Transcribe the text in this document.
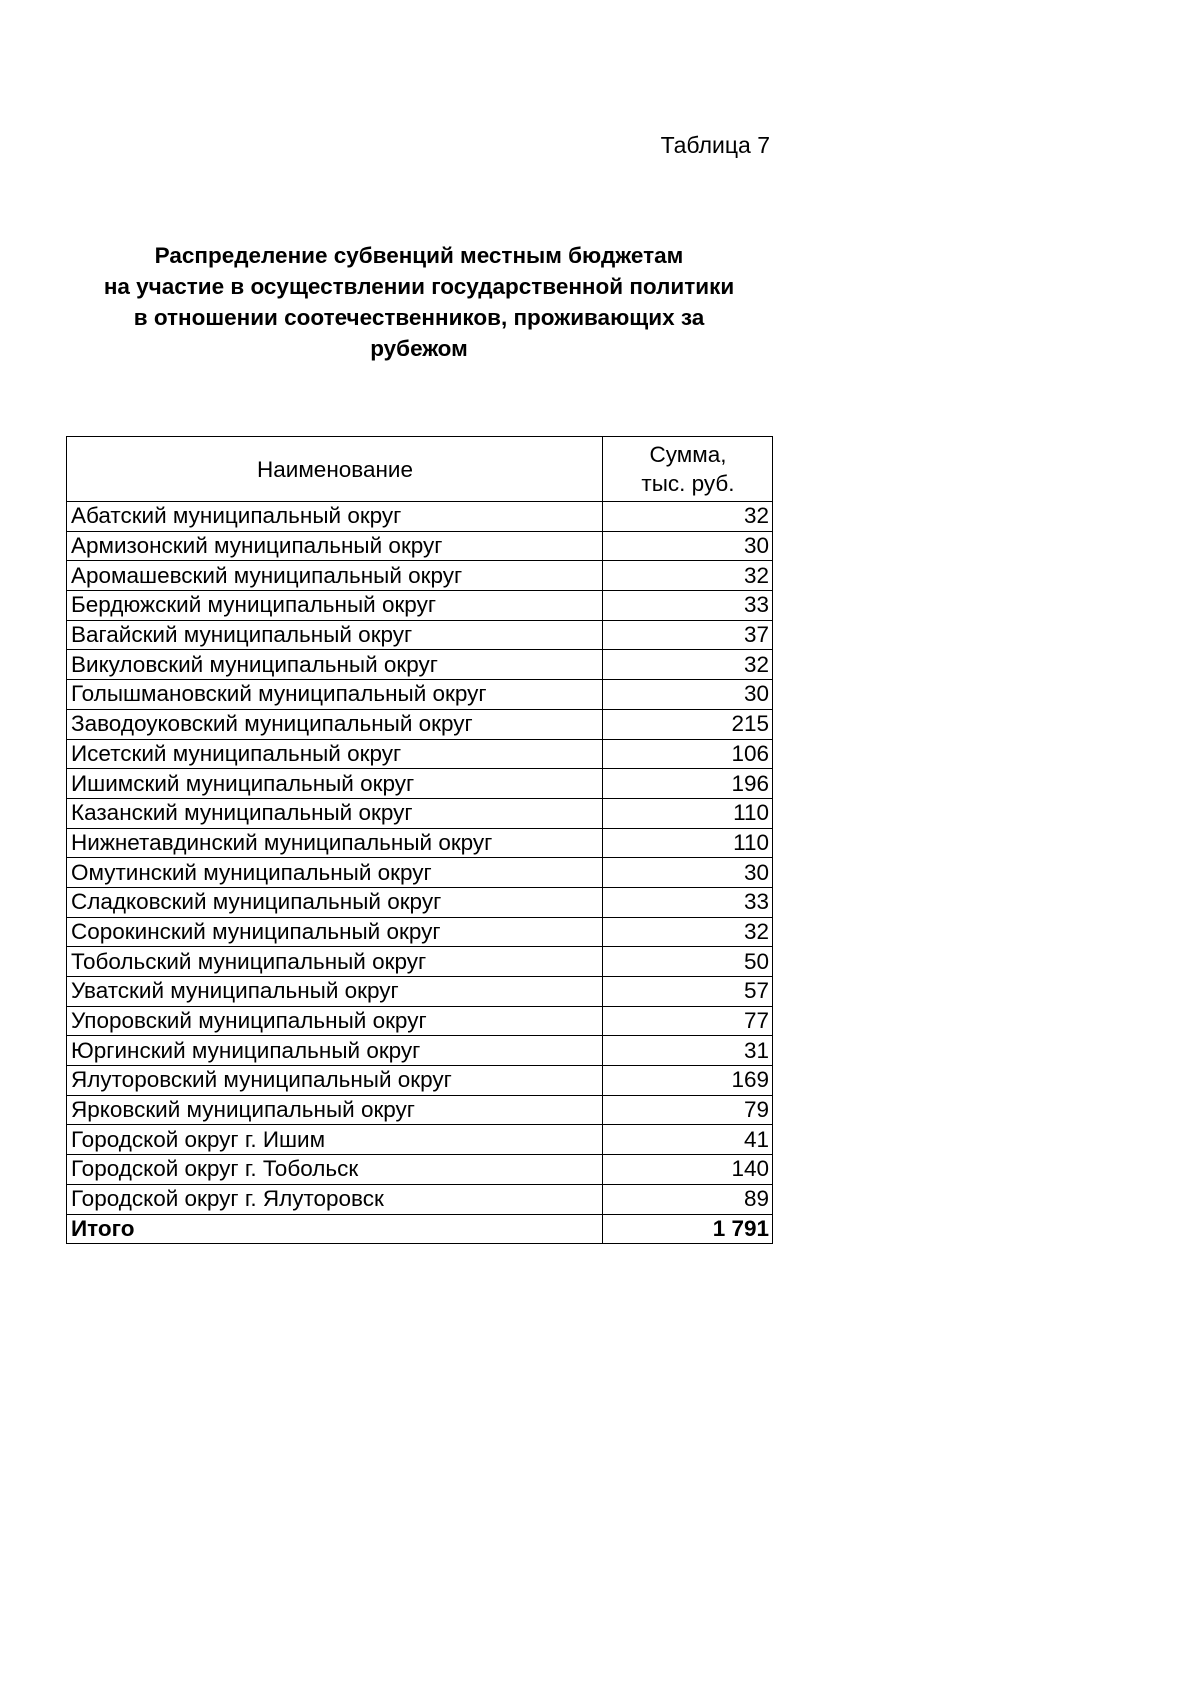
Таблица 7
Распределение субвенций местным бюджетам
на участие в осуществлении государственной политики
в отношении соотечественников, проживающих за
рубежом
Наименование	Сумма,
тыс. руб.

Абатский муниципальный округ	32
Армизонский муниципальный округ	30
Аромашевский муниципальный округ	32
Бердюжский муниципальный округ	33
Вагайский муниципальный округ	37
Викуловский муниципальный округ	32
Голышмановский муниципальный округ	30
Заводоуковский муниципальный округ	215
Исетский муниципальный округ	106
Ишимский муниципальный округ	196
Казанский муниципальный округ	110
Нижнетавдинский муниципальный округ	110
Омутинский муниципальный округ	30
Сладковский муниципальный округ	33
Сорокинский муниципальный округ	32
Тобольский муниципальный округ	50
Уватский муниципальный округ	57
Упоровский муниципальный округ	77
Юргинский муниципальный округ	31
Ялуторовский муниципальный округ	169
Ярковский муниципальный округ	79
Городской округ г. Ишим	41
Городской округ г. Тобольск	140
Городской округ г. Ялуторовск	89
Итого	1 791
